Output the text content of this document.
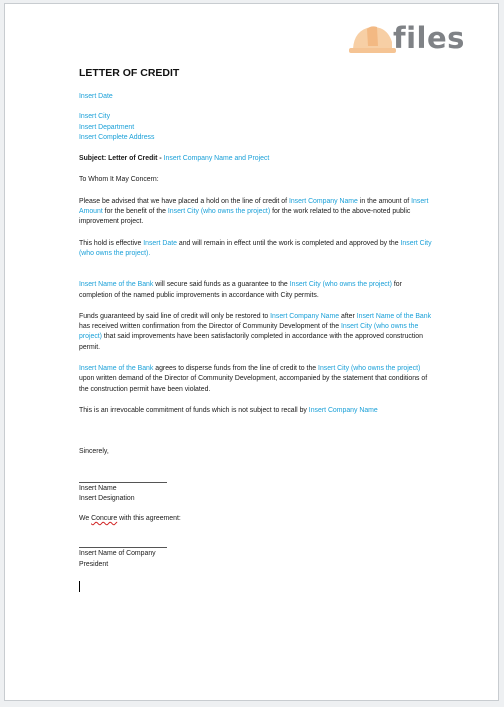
files
LETTER OF CREDIT

Insert Date

Insert City

Insert Department

Insert Complete Address

Subject: Letter of Credit - Insert Company Name and Project

To Whom It May Concern:

Please be advised that we have placed a hold on the line of credit of Insert Company Name in the amount of Insert Amount for the benefit of the Insert City (who owns the project) for the work related to the above-noted public improvement project.

This hold is effective Insert Date and will remain in effect until the work is completed and approved by the Insert City (who owns the project).

Insert Name of the Bank will secure said funds as a guarantee to the Insert City (who owns the project) for completion of the named public improvements in accordance with City permits.

Funds guaranteed by said line of credit will only be restored to Insert Company Name after Insert Name of the Bank has received written confirmation from the Director of Community Development of the Insert City (who owns the project) that said improvements have been satisfactorily completed in accordance with the approved construction permit.

Insert Name of the Bank agrees to disperse funds from the line of credit to the Insert City (who owns the project) upon written demand of the Director of Community Development, accompanied by the statement that conditions of the construction permit have been violated.

This is an irrevocable commitment of funds which is not subject to recall by Insert Company Name

Sincerely,

Insert Name

Insert Designation

We Concure with this agreement:

Insert Name of Company

President
